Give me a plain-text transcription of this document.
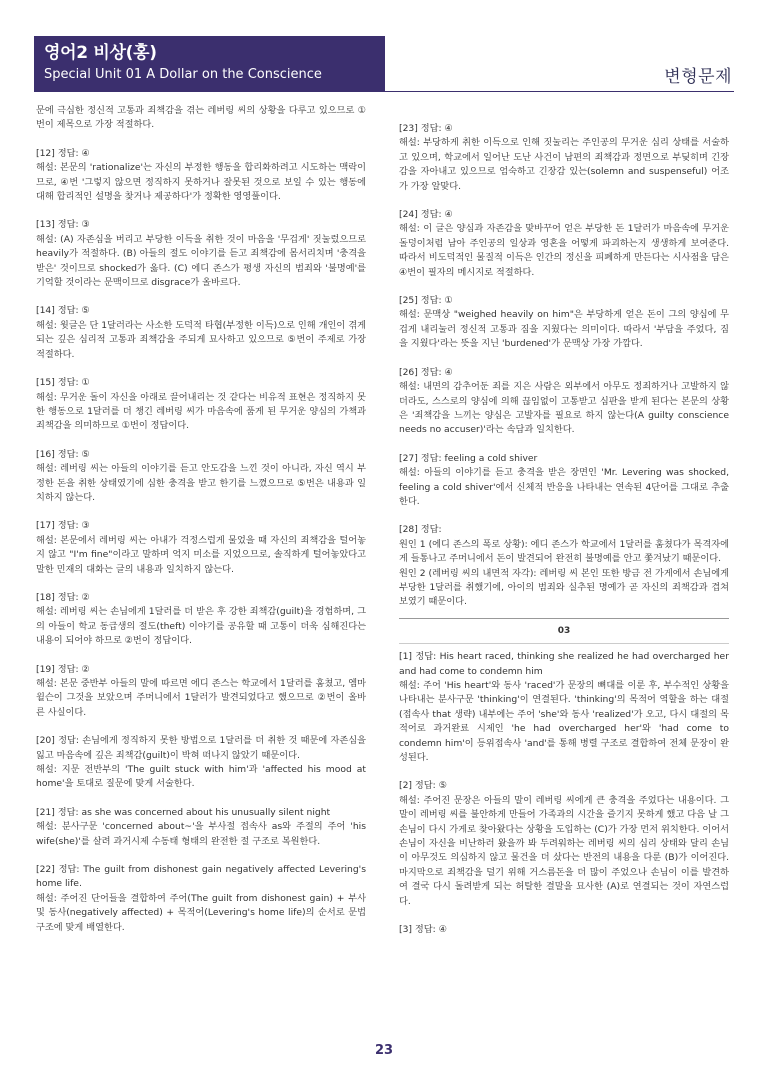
영어2 비상(홍)
Special Unit 01 A Dollar on the Conscience	변형문제

문에 극심한 정신적 고통과 죄책감을 겪는 레버링 씨의 상황을 다루고 있으므로 ①번이 제목으로 가장 적절하다.

[12] 정답: ④
해설: 본문의 'rationalize'는 자신의 부정한 행동을 합리화하려고 시도하는 맥락이므로, ④번 '그렇지 않으면 정직하지 못하거나 잘못된 것으로 보일 수 있는 행동에 대해 합리적인 설명을 찾거나 제공하다'가 정확한 영영풀이다.

[13] 정답: ③
해설: (A) 자존심을 버리고 부당한 이득을 취한 것이 마음을 '무겁게' 짓눌렀으므로 heavily가 적절하다. (B) 아들의 절도 이야기를 듣고 죄책감에 몸서리치며 '충격을 받은' 것이므로 shocked가 옳다. (C) 에디 존스가 평생 자신의 범죄와 '불명예'를 기억할 것이라는 문맥이므로 disgrace가 올바르다.

[14] 정답: ⑤
해설: 윗글은 단 1달러라는 사소한 도덕적 타협(부정한 이득)으로 인해 개인이 겪게 되는 깊은 심리적 고통과 죄책감을 주되게 묘사하고 있으므로 ⑤번이 주제로 가장 적절하다.

[15] 정답: ①
해설: 무거운 돌이 자신을 아래로 끌어내리는 것 같다는 비유적 표현은 정직하지 못한 행동으로 1달러를 더 챙긴 레버링 씨가 마음속에 품게 된 무거운 양심의 가책과 죄책감을 의미하므로 ①번이 정답이다.

[16] 정답: ⑤
해설: 레버링 씨는 아들의 이야기를 듣고 안도감을 느낀 것이 아니라, 자신 역시 부정한 돈을 취한 상태였기에 심한 충격을 받고 한기를 느꼈으므로 ⑤번은 내용과 일치하지 않는다.

[17] 정답: ③
해설: 본문에서 레버링 씨는 아내가 걱정스럽게 물었을 때 자신의 죄책감을 털어놓지 않고 "I'm fine"이라고 말하며 억지 미소를 지었으므로, 솔직하게 털어놓았다고 말한 민재의 대화는 글의 내용과 일치하지 않는다.

[18] 정답: ②
해설: 레버링 씨는 손님에게 1달러를 더 받은 후 강한 죄책감(guilt)을 경험하며, 그의 아들이 학교 동급생의 절도(theft) 이야기를 공유할 때 고통이 더욱 심해진다는 내용이 되어야 하므로 ②번이 정답이다.

[19] 정답: ②
해설: 본문 중반부 아들의 말에 따르면 에디 존스는 학교에서 1달러를 훔쳤고, 엠마 윌슨이 그것을 보았으며 주머니에서 1달러가 발견되었다고 했으므로 ②번이 올바른 사실이다.

[20] 정답: 손님에게 정직하지 못한 방법으로 1달러를 더 취한 것 때문에 자존심을 잃고 마음속에 깊은 죄책감(guilt)이 박혀 떠나지 않았기 때문이다.
해설: 지문 전반부의 'The guilt stuck with him'과 'affected his mood at home'을 토대로 질문에 맞게 서술한다.

[21] 정답: as she was concerned about his unusually silent night
해설: 분사구문 'concerned about~'을 부사절 접속사 as와 주절의 주어 'his wife(she)'를 살려 과거시제 수동태 형태의 완전한 절 구조로 복원한다.

[22] 정답: The guilt from dishonest gain negatively affected Levering's home life.
해설: 주어진 단어들을 결합하여 주어(The guilt from dishonest gain) + 부사 및 동사(negatively affected) + 목적어(Levering's home life)의 순서로 문법 구조에 맞게 배열한다.

[23] 정답: ④
해설: 부당하게 취한 이득으로 인해 짓눌리는 주인공의 무거운 심리 상태를 서술하고 있으며, 학교에서 일어난 도난 사건이 남편의 죄책감과 정면으로 부딪히며 긴장감을 자아내고 있으므로 엄숙하고 긴장감 있는(solemn and suspenseful) 어조가 가장 알맞다.

[24] 정답: ④
해설: 이 글은 양심과 자존감을 맞바꾸어 얻은 부당한 돈 1달러가 마음속에 무거운 돌덩이처럼 남아 주인공의 일상과 영혼을 어떻게 파괴하는지 생생하게 보여준다. 따라서 비도덕적인 물질적 이득은 인간의 정신을 피폐하게 만든다는 시사점을 담은 ④번이 필자의 메시지로 적절하다.

[25] 정답: ①
해설: 문맥상 "weighed heavily on him"은 부당하게 얻은 돈이 그의 양심에 무겁게 내리눌러 정신적 고통과 짐을 지웠다는 의미이다. 따라서 '부담을 주었다, 짐을 지웠다'라는 뜻을 지닌 'burdened'가 문맥상 가장 가깝다.

[26] 정답: ④
해설: 내면의 감추어둔 죄를 지은 사람은 외부에서 아무도 정죄하거나 고발하지 않더라도, 스스로의 양심에 의해 끊임없이 고통받고 심판을 받게 된다는 본문의 상황은 '죄책감을 느끼는 양심은 고발자를 필요로 하지 않는다(A guilty conscience needs no accuser)'라는 속담과 일치한다.

[27] 정답: feeling a cold shiver
해설: 아들의 이야기를 듣고 충격을 받은 장면인 'Mr. Levering was shocked, feeling a cold shiver'에서 신체적 반응을 나타내는 연속된 4단어를 그대로 추출한다.

[28] 정답:
원인 1 (에디 존스의 폭로 상황): 에디 존스가 학교에서 1달러를 훔쳤다가 목격자에게 들통나고 주머니에서 돈이 발견되어 완전히 불명예를 안고 쫓겨났기 때문이다.
원인 2 (레버링 씨의 내면적 자각): 레버링 씨 본인 또한 방금 전 가게에서 손님에게 부당한 1달러를 취했기에, 아이의 범죄와 실추된 명예가 곧 자신의 죄책감과 겹쳐 보였기 때문이다.

03

[1] 정답: His heart raced, thinking she realized he had overcharged her and had come to condemn him
해설: 주어 'His heart'와 동사 'raced'가 문장의 뼈대를 이룬 후, 부수적인 상황을 나타내는 분사구문 'thinking'이 연결된다. 'thinking'의 목적어 역할을 하는 대절(접속사 that 생략) 내부에는 주어 'she'와 동사 'realized'가 오고, 다시 대절의 목적어로 과거완료 시제인 'he had overcharged her'와 'had come to condemn him'이 등위접속사 'and'를 통해 병렬 구조로 결합하여 전체 문장이 완성된다.

[2] 정답: ⑤
해설: 주어진 문장은 아들의 말이 레버링 씨에게 큰 충격을 주었다는 내용이다. 그 말이 레버링 씨를 불안하게 만들어 가족과의 시간을 즐기지 못하게 했고 다음 날 그 손님이 다시 가게로 찾아왔다는 상황을 도입하는 (C)가 가장 먼저 위치한다. 이어서 손님이 자신을 비난하러 왔을까 봐 두려워하는 레버링 씨의 심리 상태와 달리 손님이 아무것도 의심하지 않고 물건을 더 샀다는 반전의 내용을 다룬 (B)가 이어진다. 마지막으로 죄책감을 덜기 위해 거스름돈을 더 많이 주었으나 손님이 이를 발견하여 결국 다시 돌려받게 되는 허탈한 결말을 묘사한 (A)로 연결되는 것이 자연스럽다.

[3] 정답: ④

23
